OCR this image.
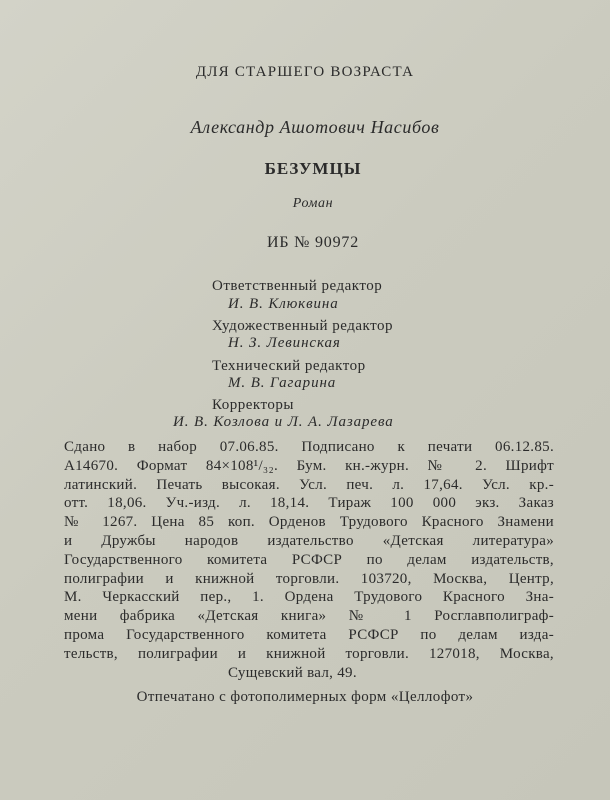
ДЛЯ СТАРШЕГО ВОЗРАСТА
Александр Ашотович Насибов
БЕЗУМЦЫ
Роман
ИБ № 90972
Ответственный редактор
И. В. Клюквина
Художественный редактор
Н. З. Левинская
Технический редактор
М. В. Гагарина
Корректоры
И. В. Козлова и Л. А. Лазарева
Сдано в набор 07.06.85. Подписано к печати 06.12.85.
А14670. Формат 84×108¹/₃₂. Бум. кн.-журн. № 2. Шрифт
латинский. Печать высокая. Усл. печ. л. 17,64. Усл. кр.-
отт. 18,06. Уч.-изд. л. 18,14. Тираж 100 000 экз. Заказ
№ 1267. Цена 85 коп. Орденов Трудового Красного Знамени
и Дружбы народов издательство «Детская литература»
Государственного комитета РСФСР по делам издательств,
полиграфии и книжной торговли. 103720, Москва, Центр,
М. Черкасский пер., 1. Ордена Трудового Красного Зна-
мени фабрика «Детская книга» № 1 Росглавполиграф-
прома Государственного комитета РСФСР по делам изда-
тельств, полиграфии и книжной торговли. 127018, Москва,
Сущевский вал, 49.
Отпечатано с фотополимерных форм «Целлофот»
